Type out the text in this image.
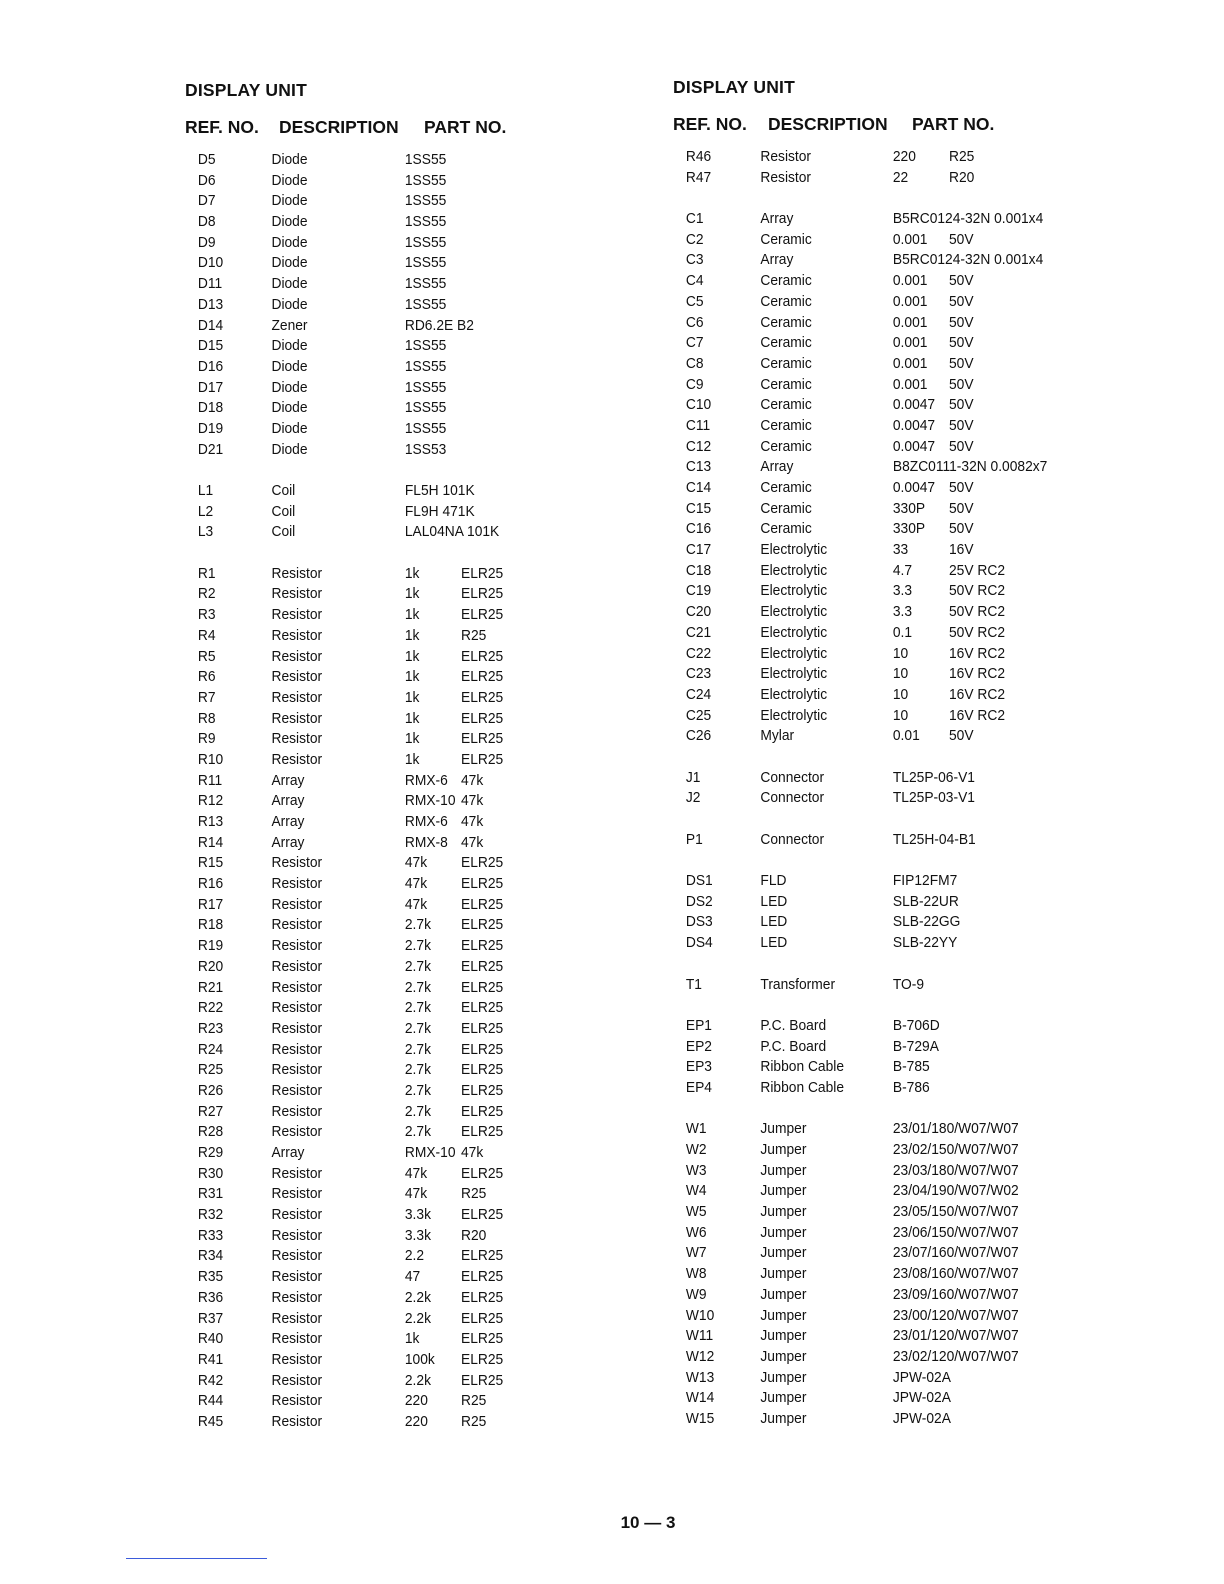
DISPLAY UNIT
REF. NO. DESCRIPTION PART NO.
D5	Diode	1SS55
D6	Diode	1SS55
D7	Diode	1SS55
D8	Diode	1SS55
D9	Diode	1SS55
D10	Diode	1SS55
D11	Diode	1SS55
D13	Diode	1SS55
D14	Zener	RD6.2E B2
D15	Diode	1SS55
D16	Diode	1SS55
D17	Diode	1SS55
D18	Diode	1SS55
D19	Diode	1SS55
D21	Diode	1SS53
L1	Coil	FL5H 101K
L2	Coil	FL9H 471K
L3	Coil	LAL04NA 101K
R1	Resistor	1k	ELR25
R2	Resistor	1k	ELR25
R3	Resistor	1k	ELR25
R4	Resistor	1k	R25
R5	Resistor	1k	ELR25
R6	Resistor	1k	ELR25
R7	Resistor	1k	ELR25
R8	Resistor	1k	ELR25
R9	Resistor	1k	ELR25
R10	Resistor	1k	ELR25
R11	Array	RMX-6 47k
R12	Array	RMX-10 47k
R13	Array	RMX-6 47k
R14	Array	RMX-8 47k
R15	Resistor	47k ELR25
R16	Resistor	47k ELR25
R17	Resistor	47k ELR25
R18	Resistor	2.7k ELR25
R19	Resistor	2.7k ELR25
R20	Resistor	2.7k ELR25
R21	Resistor	2.7k ELR25
R22	Resistor	2.7k ELR25
R23	Resistor	2.7k ELR25
R24	Resistor	2.7k ELR25
R25	Resistor	2.7k ELR25
R26	Resistor	2.7k ELR25
R27	Resistor	2.7k ELR25
R28	Resistor	2.7k ELR25
R29	Array	RMX-10 47k
R30	Resistor	47k ELR25
R31	Resistor	47k R25
R32	Resistor	3.3k ELR25
R33	Resistor	3.3k R20
R34	Resistor	2.2 ELR25
R35	Resistor	47	ELR25
R36	Resistor	2.2k ELR25
R37	Resistor	2.2k ELR25
R40	Resistor	1k	ELR25
R41	Resistor	100k ELR25
R42	Resistor	2.2k ELR25
R44	Resistor	220 R25
R45	Resistor	220 R25
DISPLAY UNIT
REF. NO. DESCRIPTION PART NO.
R46	Resistor	220 R25
R47	Resistor	22	R20
C1	Array	B5RC0124-32N 0.001x4
C2	Ceramic	0.001 50V
C3	Array	B5RC0124-32N 0.001x4
C4	Ceramic	0.001 50V
C5	Ceramic	0.001 50V
C6	Ceramic	0.001 50V
C7	Ceramic	0.001 50V
C8	Ceramic	0.001 50V
C9	Ceramic	0.001 50V
C10	Ceramic	0.0047 50V
C11	Ceramic	0.0047 50V
C12	Ceramic	0.0047 50V
C13	Array	B8ZC0111-32N 0.0082x7
C14	Ceramic	0.0047 50V
C15	Ceramic	330P 50V
C16	Ceramic	330P 50V
C17	Electrolytic	33	16V
C18	Electrolytic	4.7 25V RC2
C19	Electrolytic	3.3 50V RC2
C20	Electrolytic	3.3 50V RC2
C21	Electrolytic	0.1 50V RC2
C22	Electrolytic	10	16V RC2
C23	Electrolytic	10	16V RC2
C24	Electrolytic	10	16V RC2
C25	Electrolytic	10	16V RC2
C26	Mylar	0.01 50V
J1	Connector	TL25P-06-V1
J2	Connector	TL25P-03-V1
P1	Connector	TL25H-04-B1
DS1	FLD	FIP12FM7
DS2	LED	SLB-22UR
DS3	LED	SLB-22GG
DS4	LED	SLB-22YY
T1	Transformer	TO-9
EP1	P.C. Board	B-706D
EP2	P.C. Board	B-729A
EP3	Ribbon Cable	B-785
EP4	Ribbon Cable	B-786
W1	Jumper	23/01/180/W07/W07
W2	Jumper	23/02/150/W07/W07
W3	Jumper	23/03/180/W07/W07
W4	Jumper	23/04/190/W07/W02
W5	Jumper	23/05/150/W07/W07
W6	Jumper	23/06/150/W07/W07
W7	Jumper	23/07/160/W07/W07
W8	Jumper	23/08/160/W07/W07
W9	Jumper	23/09/160/W07/W07
W10	Jumper	23/00/120/W07/W07
W11	Jumper	23/01/120/W07/W07
W12	Jumper	23/02/120/W07/W07
W13	Jumper	JPW-02A
W14	Jumper	JPW-02A
W15	Jumper	JPW-02A
10 — 3
